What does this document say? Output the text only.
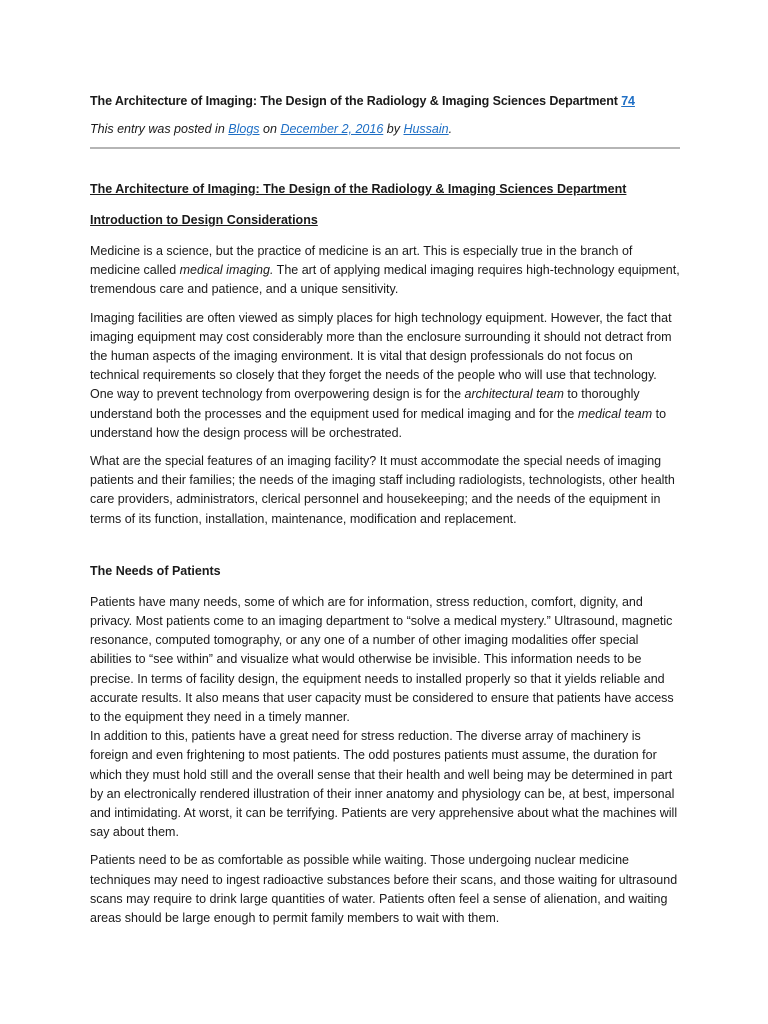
The Architecture of Imaging: The Design of the Radiology & Imaging Sciences Department 74

This entry was posted in Blogs on December 2, 2016 by Hussain.

The Architecture of Imaging: The Design of the Radiology & Imaging Sciences Department
Introduction to Design Considerations

Medicine is a science, but the practice of medicine is an art. This is especially true in the branch of medicine called medical imaging. The art of applying medical imaging requires high-technology equipment, tremendous care and patience, and a unique sensitivity.

Imaging facilities are often viewed as simply places for high technology equipment. However, the fact that imaging equipment may cost considerably more than the enclosure surrounding it should not detract from the human aspects of the imaging environment. It is vital that design professionals do not focus on technical requirements so closely that they forget the needs of the people who will use that technology. One way to prevent technology from overpowering design is for the architectural team to thoroughly understand both the processes and the equipment used for medical imaging and for the medical team to understand how the design process will be orchestrated.

What are the special features of an imaging facility? It must accommodate the special needs of imaging patients and their families; the needs of the imaging staff including radiologists, technologists, other health care providers, administrators, clerical personnel and housekeeping; and the needs of the equipment in terms of its function, installation, maintenance, modification and replacement.

The Needs of Patients

Patients have many needs, some of which are for information, stress reduction, comfort, dignity, and privacy. Most patients come to an imaging department to “solve a medical mystery.” Ultrasound, magnetic resonance, computed tomography, or any one of a number of other imaging modalities offer special abilities to “see within” and visualize what would otherwise be invisible. This information needs to be precise. In terms of facility design, the equipment needs to installed properly so that it yields reliable and accurate results. It also means that user capacity must be considered to ensure that patients have access to the equipment they need in a timely manner.

In addition to this, patients have a great need for stress reduction. The diverse array of machinery is foreign and even frightening to most patients. The odd postures patients must assume, the duration for which they must hold still and the overall sense that their health and well being may be determined in part by an electronically rendered illustration of their inner anatomy and physiology can be, at best, impersonal and intimidating. At worst, it can be terrifying. Patients are very apprehensive about what the machines will say about them.

Patients need to be as comfortable as possible while waiting. Those undergoing nuclear medicine techniques may need to ingest radioactive substances before their scans, and those waiting for ultrasound scans may require to drink large quantities of water. Patients often feel a sense of alienation, and waiting areas should be large enough to permit family members to wait with them.
